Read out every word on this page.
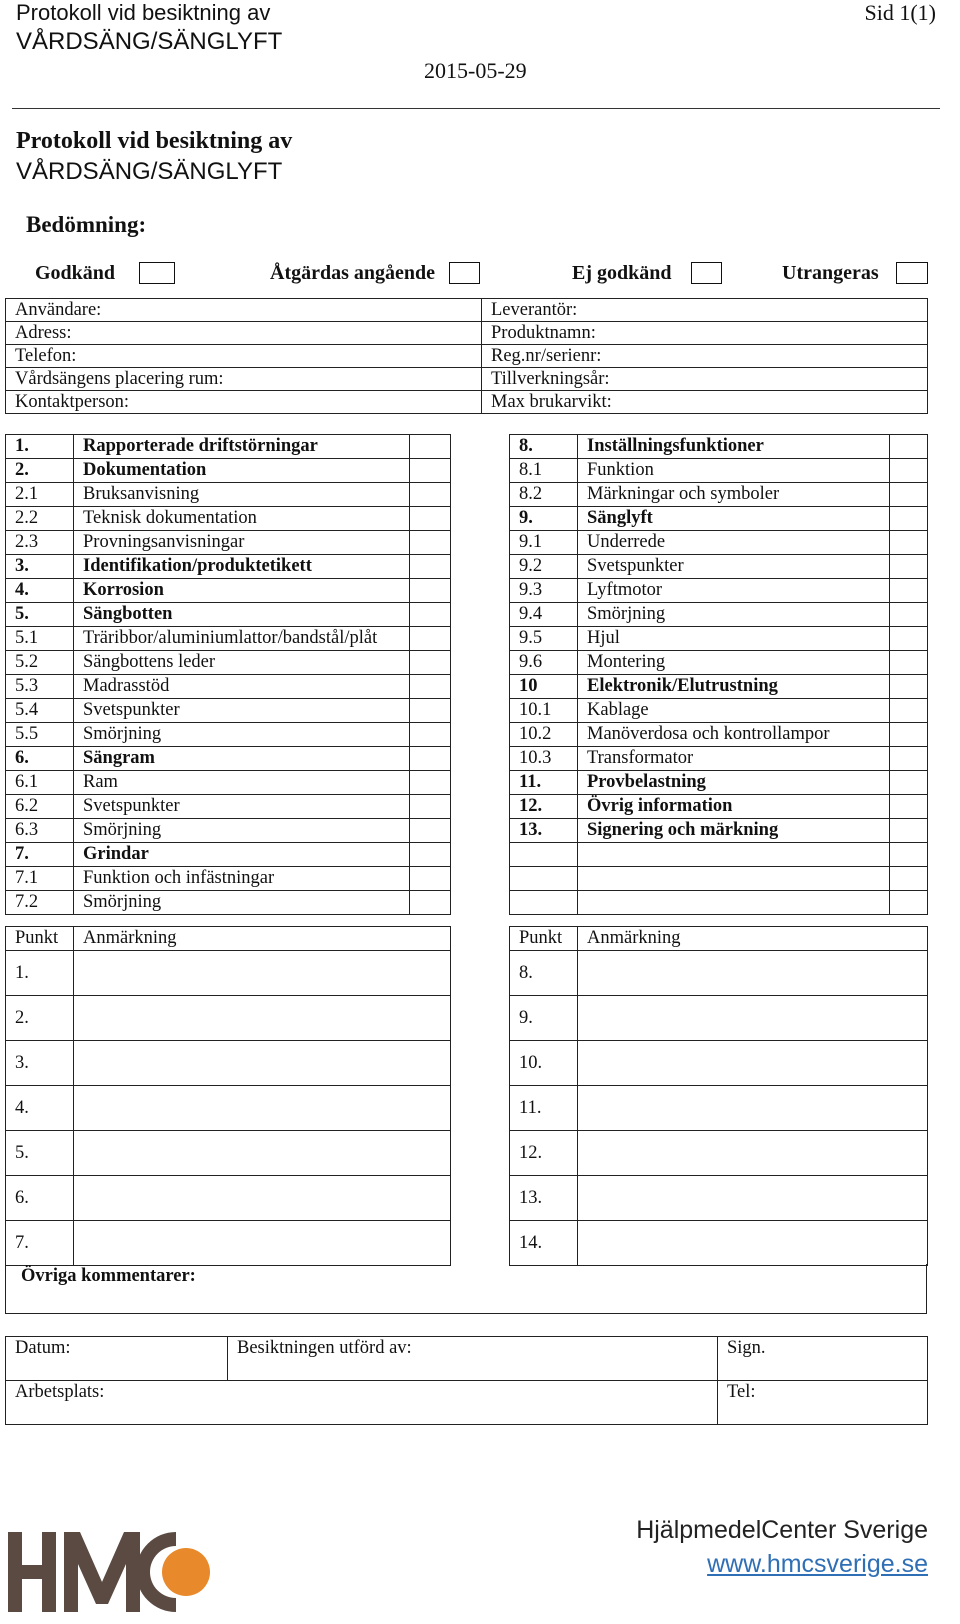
Protokoll vid besiktning av
VÅRDSÄNG/SÄNGLYFT
Sid 1(1)
2015-05-29
Protokoll vid besiktning av
VÅRDSÄNG/SÄNGLYFT
Bedömning:
Godkänd	Åtgärdas angående	Ej godkänd	Utrangeras
Användare:	Leverantör:
Adress:	Produktnamn:
Telefon:	Reg.nr/serienr:
Vårdsängens placering rum:	Tillverkningsår:
Kontaktperson:	Max brukarvikt:
1.	Rapporterade driftstörningar	
2.	Dokumentation	
2.1	Bruksanvisning	
2.2	Teknisk dokumentation	
2.3	Provningsanvisningar	
3.	Identifikation/produktetikett	
4.	Korrosion	
5.	Sängbotten	
5.1	Träribbor/aluminiumlattor/bandstål/plåt	
5.2	Sängbottens leder	
5.3	Madrasstöd	
5.4	Svetspunkter	
5.5	Smörjning	
6.	Sängram	
6.1	Ram	
6.2	Svetspunkter	
6.3	Smörjning	
7.	Grindar	
7.1	Funktion och infästningar	
7.2	Smörjning	
8.	Inställningsfunktioner	
8.1	Funktion	
8.2	Märkningar och symboler	
9.	Sänglyft	
9.1	Underrede	
9.2	Svetspunkter	
9.3	Lyftmotor	
9.4	Smörjning	
9.5	Hjul	
9.6	Montering	
10	Elektronik/Elutrustning	
10.1	Kablage	
10.2	Manöverdosa och kontrollampor	
10.3	Transformator	
11.	Provbelastning	
12.	Övrig information	
13.	Signering och märkning	

Punkt	Anmärkning
1.	
2.	
3.	
4.	
5.	
6.	
7.	
Punkt	Anmärkning
8.	
9.	
10.	
11.	
12.	
13.	
14.	
Övriga kommentarer:
Datum:	Besiktningen utförd av:	Sign.
Arbetsplats:		Tel:
HjälpmedelCenter Sverige
www.hmcsverige.se
